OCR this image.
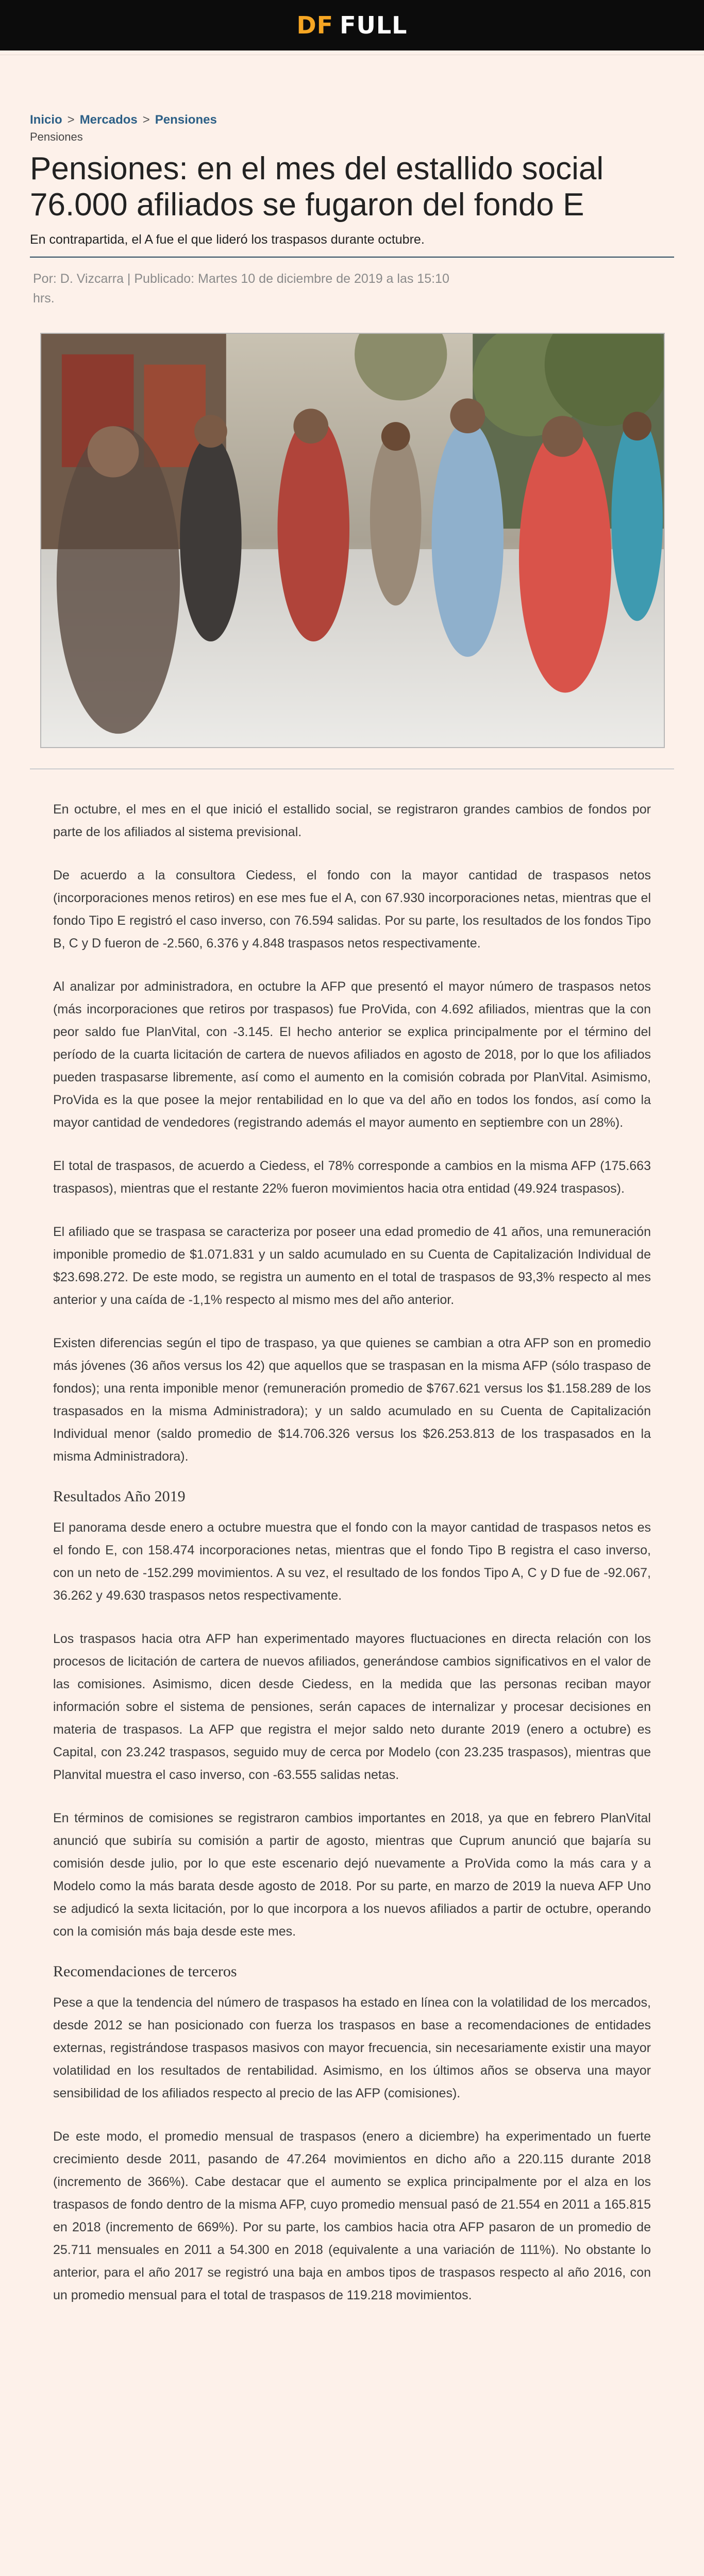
DF FULL
Inicio > Mercados > Pensiones
Pensiones
Pensiones: en el mes del estallido social 76.000 afiliados se fugaron del fondo E
En contrapartida, el A fue el que lideró los traspasos durante octubre.
Por: D. Vizcarra | Publicado: Martes 10 de diciembre de 2019 a las 15:10 hrs.

En octubre, el mes en el que inició el estallido social, se registraron grandes cambios de fondos por parte de los afiliados al sistema previsional.

De acuerdo a la consultora Ciedess, el fondo con la mayor cantidad de traspasos netos (incorporaciones menos retiros) en ese mes fue el A, con 67.930 incorporaciones netas, mientras que el fondo Tipo E registró el caso inverso, con 76.594 salidas. Por su parte, los resultados de los fondos Tipo B, C y D fueron de -2.560, 6.376 y 4.848 traspasos netos respectivamente.

Al analizar por administradora, en octubre la AFP que presentó el mayor número de traspasos netos (más incorporaciones que retiros por traspasos) fue ProVida, con 4.692 afiliados, mientras que la con peor saldo fue PlanVital, con -3.145. El hecho anterior se explica principalmente por el término del período de la cuarta licitación de cartera de nuevos afiliados en agosto de 2018, por lo que los afiliados pueden traspasarse libremente, así como el aumento en la comisión cobrada por PlanVital. Asimismo, ProVida es la que posee la mejor rentabilidad en lo que va del año en todos los fondos, así como la mayor cantidad de vendedores (registrando además el mayor aumento en septiembre con un 28%).

El total de traspasos, de acuerdo a Ciedess, el 78% corresponde a cambios en la misma AFP (175.663 traspasos), mientras que el restante 22% fueron movimientos hacia otra entidad (49.924 traspasos).

El afiliado que se traspasa se caracteriza por poseer una edad promedio de 41 años, una remuneración imponible promedio de $1.071.831 y un saldo acumulado en su Cuenta de Capitalización Individual de $23.698.272. De este modo, se registra un aumento en el total de traspasos de 93,3% respecto al mes anterior y una caída de -1,1% respecto al mismo mes del año anterior.

Existen diferencias según el tipo de traspaso, ya que quienes se cambian a otra AFP son en promedio más jóvenes (36 años versus los 42) que aquellos que se traspasan en la misma AFP (sólo traspaso de fondos); una renta imponible menor (remuneración promedio de $767.621 versus los $1.158.289 de los traspasados en la misma Administradora); y un saldo acumulado en su Cuenta de Capitalización Individual menor (saldo promedio de $14.706.326 versus los $26.253.813 de los traspasados en la misma Administradora).

Resultados Año 2019

El panorama desde enero a octubre muestra que el fondo con la mayor cantidad de traspasos netos es el fondo E, con 158.474 incorporaciones netas, mientras que el fondo Tipo B registra el caso inverso, con un neto de -152.299 movimientos. A su vez, el resultado de los fondos Tipo A, C y D fue de -92.067, 36.262 y 49.630 traspasos netos respectivamente.

Los traspasos hacia otra AFP han experimentado mayores fluctuaciones en directa relación con los procesos de licitación de cartera de nuevos afiliados, generándose cambios significativos en el valor de las comisiones. Asimismo, dicen desde Ciedess, en la medida que las personas reciban mayor información sobre el sistema de pensiones, serán capaces de internalizar y procesar decisiones en materia de traspasos. La AFP que registra el mejor saldo neto durante 2019 (enero a octubre) es Capital, con 23.242 traspasos, seguido muy de cerca por Modelo (con 23.235 traspasos), mientras que Planvital muestra el caso inverso, con -63.555 salidas netas.

En términos de comisiones se registraron cambios importantes en 2018, ya que en febrero PlanVital anunció que subiría su comisión a partir de agosto, mientras que Cuprum anunció que bajaría su comisión desde julio, por lo que este escenario dejó nuevamente a ProVida como la más cara y a Modelo como la más barata desde agosto de 2018. Por su parte, en marzo de 2019 la nueva AFP Uno se adjudicó la sexta licitación, por lo que incorpora a los nuevos afiliados a partir de octubre, operando con la comisión más baja desde este mes.

Recomendaciones de terceros

Pese a que la tendencia del número de traspasos ha estado en línea con la volatilidad de los mercados, desde 2012 se han posicionado con fuerza los traspasos en base a recomendaciones de entidades externas, registrándose traspasos masivos con mayor frecuencia, sin necesariamente existir una mayor volatilidad en los resultados de rentabilidad. Asimismo, en los últimos años se observa una mayor sensibilidad de los afiliados respecto al precio de las AFP (comisiones).

De este modo, el promedio mensual de traspasos (enero a diciembre) ha experimentado un fuerte crecimiento desde 2011, pasando de 47.264 movimientos en dicho año a 220.115 durante 2018 (incremento de 366%). Cabe destacar que el aumento se explica principalmente por el alza en los traspasos de fondo dentro de la misma AFP, cuyo promedio mensual pasó de 21.554 en 2011 a 165.815 en 2018 (incremento de 669%). Por su parte, los cambios hacia otra AFP pasaron de un promedio de 25.711 mensuales en 2011 a 54.300 en 2018 (equivalente a una variación de 111%). No obstante lo anterior, para el año 2017 se registró una baja en ambos tipos de traspasos respecto al año 2016, con un promedio mensual para el total de traspasos de 119.218 movimientos.
